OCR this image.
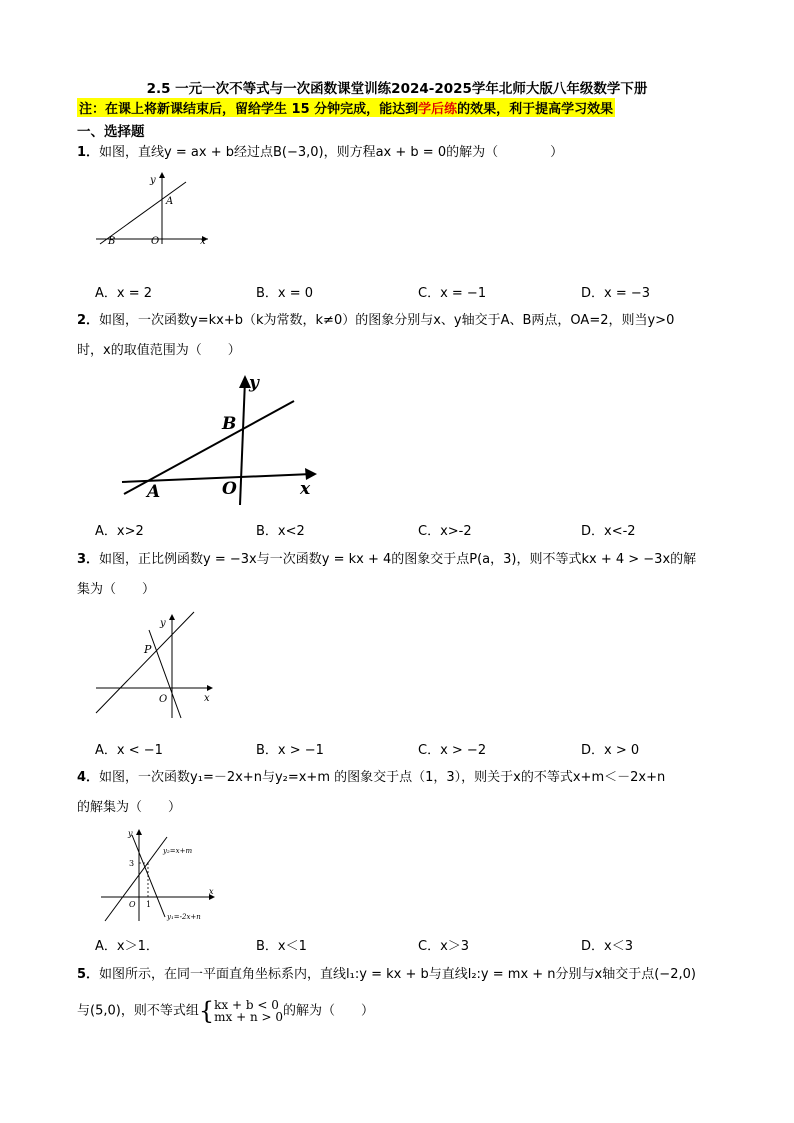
2.5 一元一次不等式与一次函数课堂训练2024-2025学年北师大版八年级数学下册
注：在课上将新课结束后，留给学生 15 分钟完成，能达到学后练的效果，利于提高学习效果
一、选择题
1．如图，直线y = ax + b经过点B(−3,0)，则方程ax + b = 0的解为（　　　　）
y
A
B	O	x
A．x = 2	B．x = 0	C．x = −1	D．x = −3
2．如图，一次函数y=kx+b（k为常数，k≠0）的图象分别与x、y轴交于A、B两点，OA=2，则当y>0
时，x的取值范围为（　　）
y
B
A	O	x
A．x>2	B．x<2	C．x>-2	D．x<-2
3．如图，正比例函数y = −3x与一次函数y = kx + 4的图象交于点P(a，3)，则不等式kx + 4 > −3x的解
集为（　　）
y
P
O	x
A．x < −1	B．x > −1	C．x > −2	D．x > 0
4．如图，一次函数y₁=－2x+n与y₂=x+m 的图象交于点（1，3），则关于x的不等式x+m＜－2x+n
的解集为（　　）
y
3
O 1
x
y₂=x+m
y₁=-2x+n
A．x＞1．	B．x＜1	C．x＞3	D．x＜3
5．如图所示，在同一平面直角坐标系内，直线l₁:y = kx + b与直线l₂:y = mx + n分别与x轴交于点(−2,0)
与(5,0)，则不等式组{ kx + b < 0
mx + n > 0 的解为（　　）
